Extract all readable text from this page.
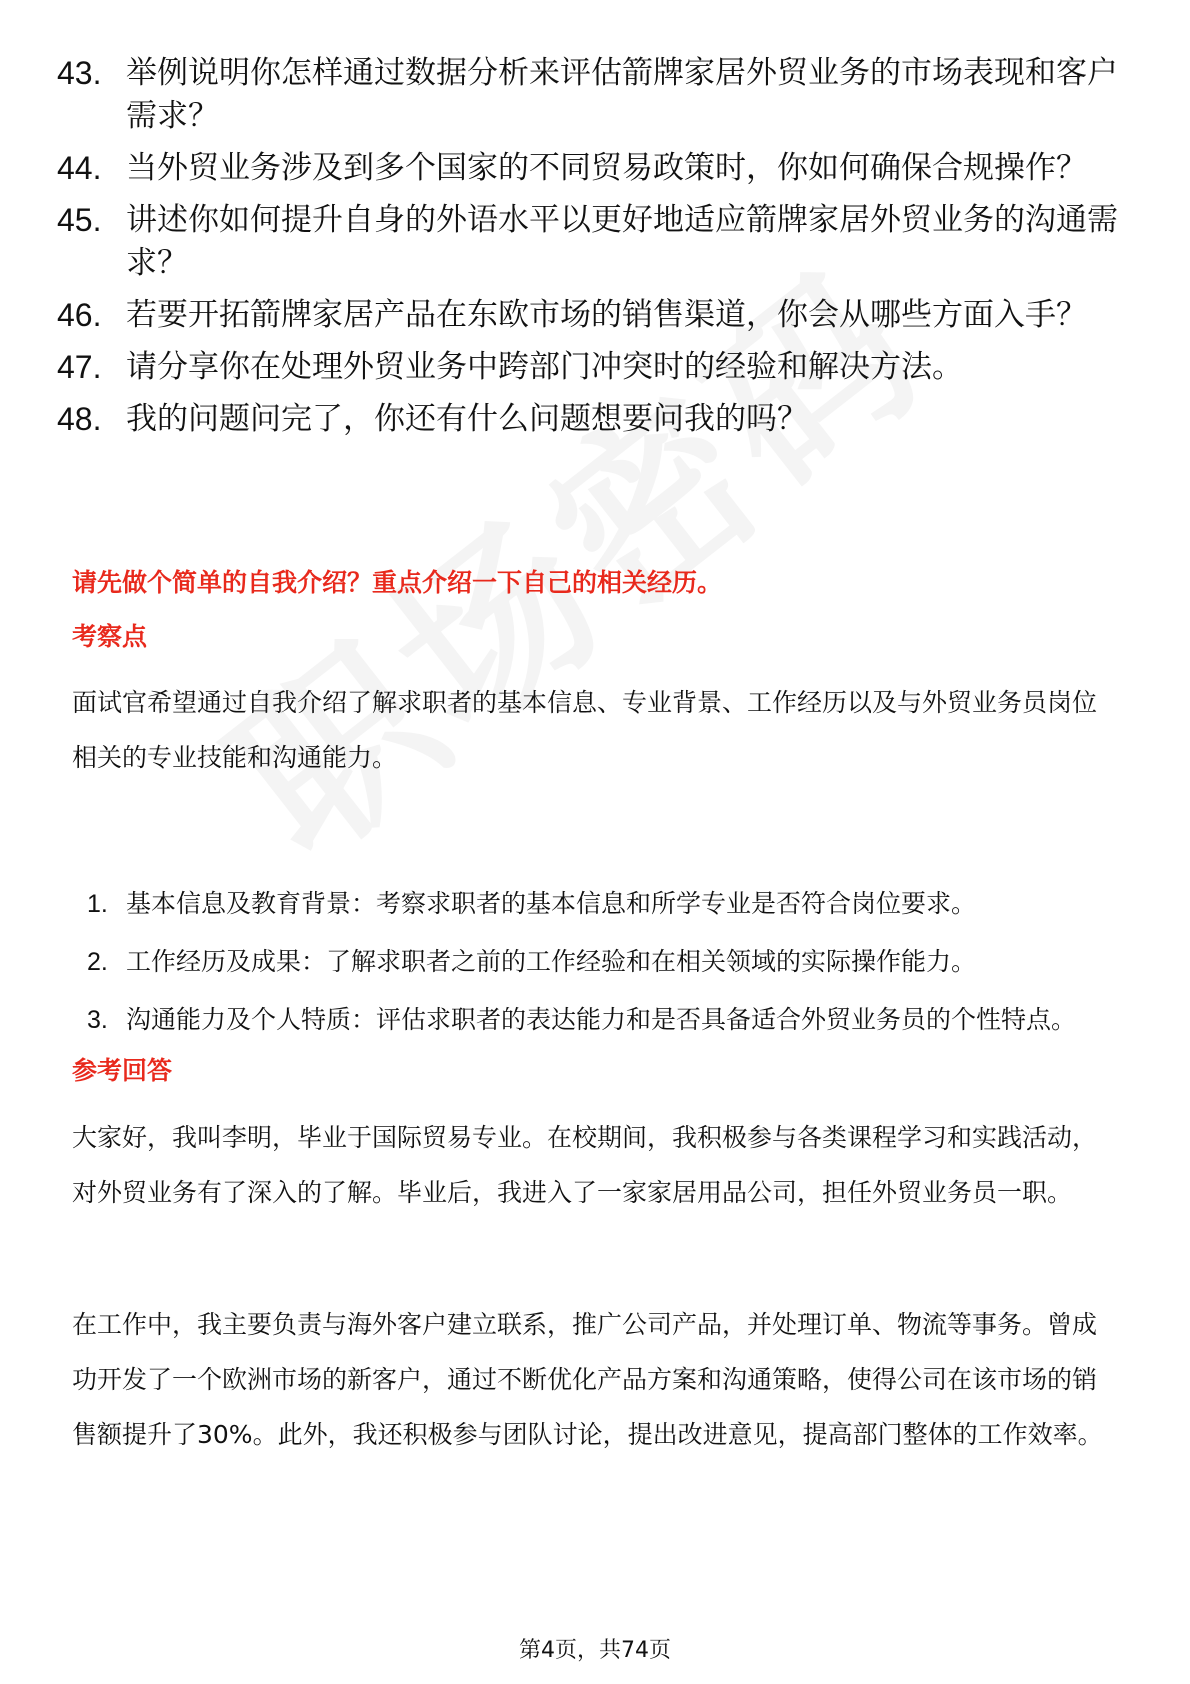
43. 举例说明你怎样通过数据分析来评估箭牌家居外贸业务的市场表现和客户需求？
44. 当外贸业务涉及到多个国家的不同贸易政策时，你如何确保合规操作？
45. 讲述你如何提升自身的外语水平以更好地适应箭牌家居外贸业务的沟通需求？
46. 若要开拓箭牌家居产品在东欧市场的销售渠道，你会从哪些方面入手？
47. 请分享你在处理外贸业务中跨部门冲突时的经验和解决方法。
48. 我的问题问完了，你还有什么问题想要问我的吗？
请先做个简单的自我介绍？重点介绍一下自己的相关经历。
考察点
面试官希望通过自我介绍了解求职者的基本信息、专业背景、工作经历以及与外贸业务员岗位相关的专业技能和沟通能力。
1. 基本信息及教育背景：考察求职者的基本信息和所学专业是否符合岗位要求。
2. 工作经历及成果：了解求职者之前的工作经验和在相关领域的实际操作能力。
3. 沟通能力及个人特质：评估求职者的表达能力和是否具备适合外贸业务员的个性特点。
参考回答
大家好，我叫李明，毕业于国际贸易专业。在校期间，我积极参与各类课程学习和实践活动，对外贸业务有了深入的了解。毕业后，我进入了一家家居用品公司，担任外贸业务员一职。
在工作中，我主要负责与海外客户建立联系，推广公司产品，并处理订单、物流等事务。曾成功开发了一个欧洲市场的新客户，通过不断优化产品方案和沟通策略，使得公司在该市场的销售额提升了30%。此外，我还积极参与团队讨论，提出改进意见，提高部门整体的工作效率。
第4页，共74页
